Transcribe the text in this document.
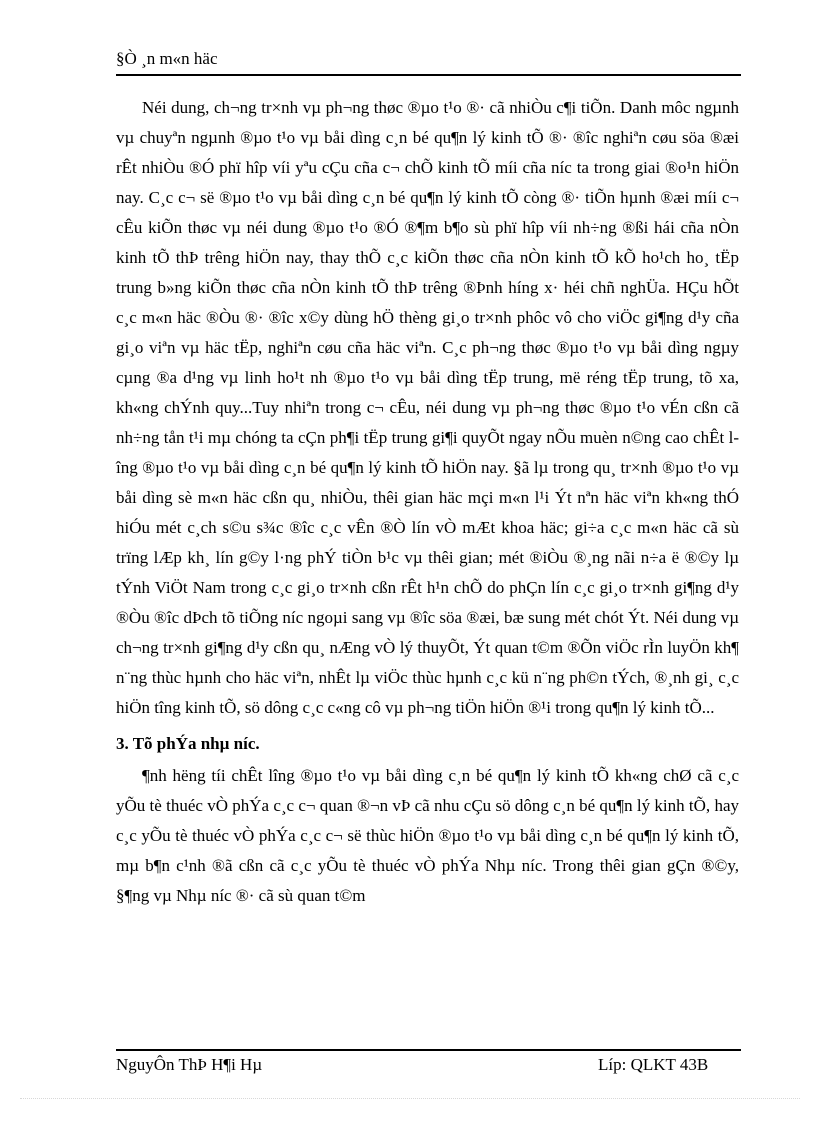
§Ò ¸n m«n häc

Néi dung, ch¬ng tr×nh vµ ph¬ng thøc ®µo t¹o ®· cã nhiÒu c¶i tiÕn. Danh môc ngµnh vµ chuyªn ngµnh ®µo t¹o vµ båi dìng c¸n bé qu¶n lý kinh tÕ ®· ®îc nghiªn cøu söa ®æi rÊt nhiÒu ®Ó phï hîp víi yªu cÇu cña c¬ chÕ kinh tÕ míi cña níc ta trong giai ®o¹n hiÖn nay. C¸c c¬ së ®µo t¹o vµ båi dìng c¸n bé qu¶n lý kinh tÕ còng ®· tiÕn hµnh ®æi míi c¬ cÊu kiÕn thøc vµ néi dung ®µo t¹o ®Ó ®¶m b¶o sù phï hîp víi nh÷ng ®ßi hái cña nÒn kinh tÕ thÞ trêng hiÖn nay, thay thÕ c¸c kiÕn thøc cña nÒn kinh tÕ kÕ ho¹ch ho¸ tËp trung b»ng kiÕn thøc cña nÒn kinh tÕ thÞ trêng ®Þnh híng x· héi chñ nghÜa. HÇu hÕt c¸c m«n häc ®Òu ®· ®îc x©y dùng hÖ thèng gi¸o tr×nh phôc vô cho viÖc gi¶ng d¹y cña gi¸o viªn vµ häc tËp, nghiªn cøu cña häc viªn. C¸c ph¬ng thøc ®µo t¹o vµ båi dìng ngµy cµng ®a d¹ng vµ linh ho¹t nh ®µo t¹o vµ båi dìng tËp trung, më réng tËp trung, tõ xa, kh«ng chÝnh quy...Tuy nhiªn trong c¬ cÊu, néi dung vµ ph¬ng thøc ®µo t¹o vÉn cßn cã nh÷ng tån t¹i mµ chóng ta cÇn ph¶i tËp trung gi¶i quyÕt ngay nÕu muèn n©ng cao chÊt lîng ®µo t¹o vµ båi dìng c¸n bé qu¶n lý kinh tÕ hiÖn nay. §ã lµ trong qu¸ tr×nh ®µo t¹o vµ båi dìng sè m«n häc cßn qu¸ nhiÒu, thêi gian häc mçi m«n l¹i Ýt nªn häc viªn kh«ng thÓ hiÓu mét c¸ch s©u s¾c ®îc c¸c vÊn ®Ò lín vÒ mÆt khoa häc; gi÷a c¸c m«n häc cã sù trïng lÆp kh¸ lín g©y l·ng phÝ tiÒn b¹c vµ thêi gian; mét ®iÒu ®¸ng nãi n÷a ë ®©y lµ tÝnh ViÖt Nam trong c¸c gi¸o tr×nh cßn rÊt h¹n chÕ do phÇn lín c¸c gi¸o tr×nh gi¶ng d¹y ®Òu ®îc dÞch tõ tiÕng níc ngoµi sang vµ ®îc söa ®æi, bæ sung mét chót Ýt. Néi dung vµ ch¬ng tr×nh gi¶ng d¹y cßn qu¸ nÆng vÒ lý thuyÕt, Ýt quan t©m ®Õn viÖc rÌn luyÖn kh¶ n¨ng thùc hµnh cho häc viªn, nhÊt lµ viÖc thùc hµnh c¸c kü n¨ng ph©n tÝch, ®¸nh gi¸ c¸c hiÖn tîng kinh tÕ, sö dông c¸c c«ng cô vµ ph¬ng tiÖn hiÖn ®¹i trong qu¶n lý kinh tÕ...

3. Tõ phÝa nhµ níc.

¶nh hëng tíi chÊt lîng ®µo t¹o vµ båi dìng c¸n bé qu¶n lý kinh tÕ kh«ng chØ cã c¸c yÕu tè thuéc vÒ phÝa c¸c c¬ quan ®¬n vÞ cã nhu cÇu sö dông c¸n bé qu¶n lý kinh tÕ, hay c¸c yÕu tè thuéc vÒ phÝa c¸c c¬ së thùc hiÖn ®µo t¹o vµ båi dìng c¸n bé qu¶n lý kinh tÕ, mµ b¶n c¹nh ®ã cßn cã c¸c yÕu tè thuéc vÒ phÝa Nhµ níc. Trong thêi gian gÇn ®©y, §¶ng vµ Nhµ níc ®· cã sù quan t©m

NguyÔn ThÞ H¶i Hµ	Líp: QLKT 43B
